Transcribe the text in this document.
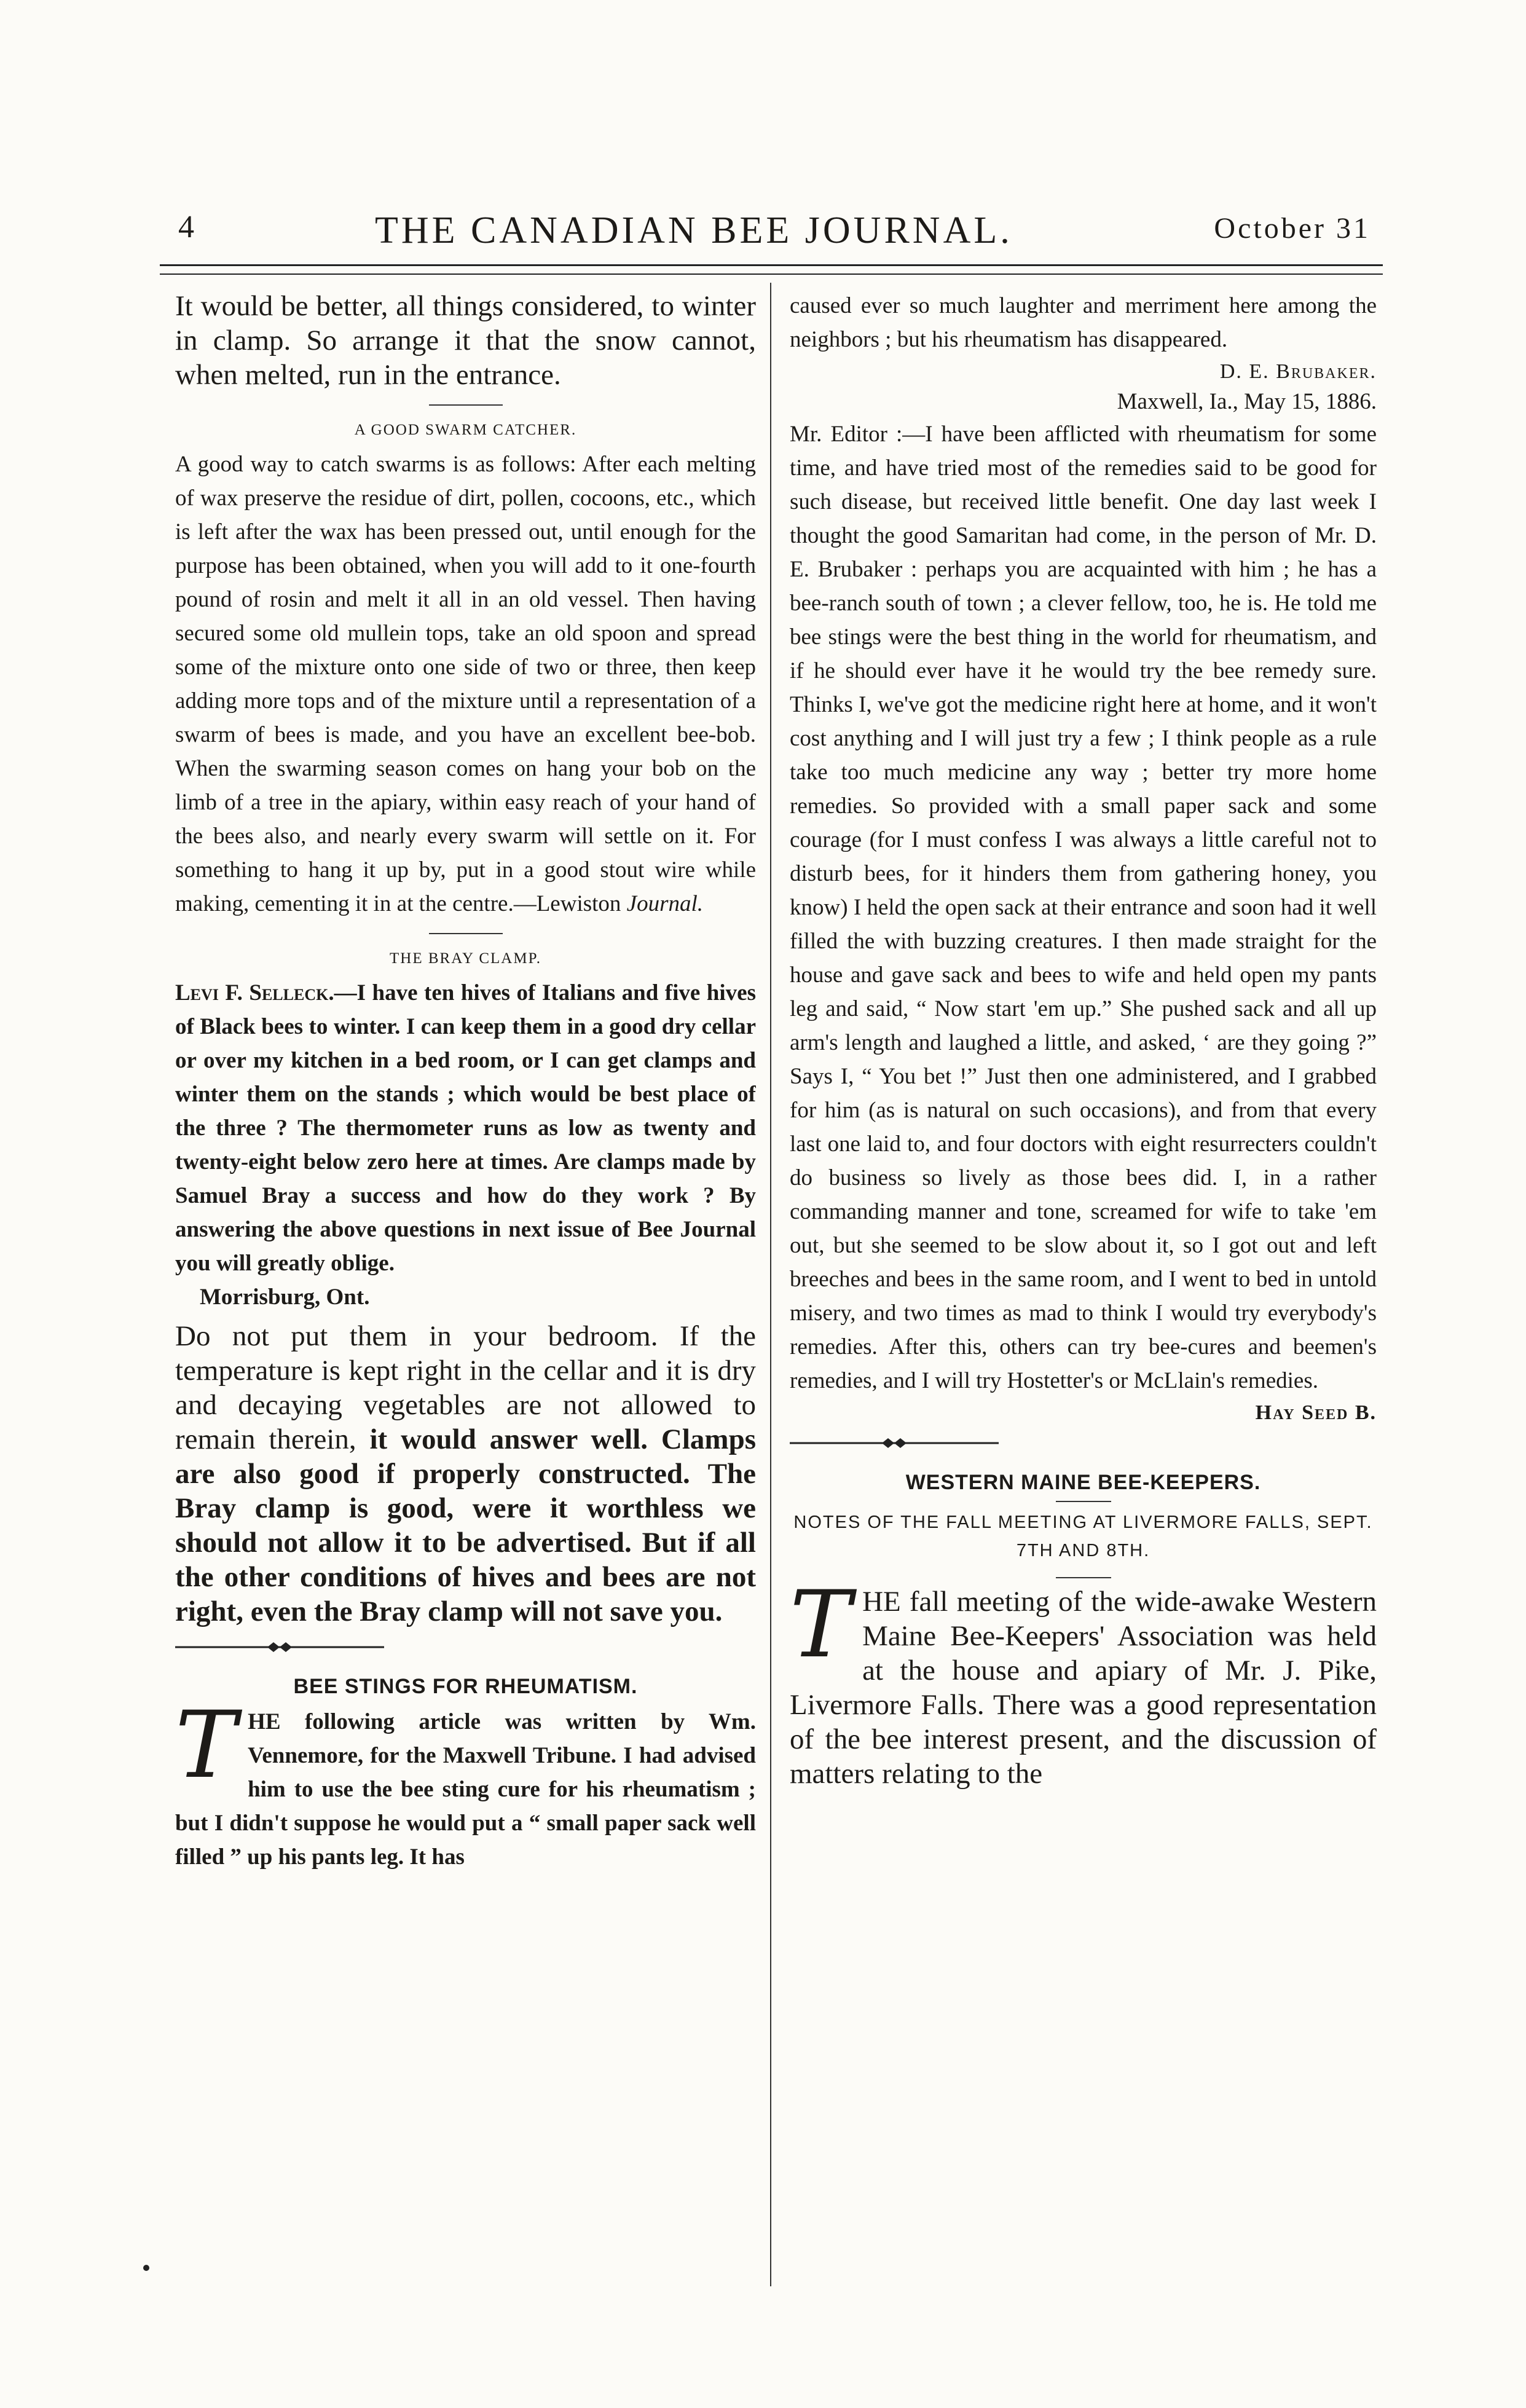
4	THE CANADIAN BEE JOURNAL.	October 31

It would be better, all things considered, to winter in clamp. So arrange it that the snow cannot, when melted, run in the entrance.

A GOOD SWARM CATCHER.

A good way to catch swarms is as follows: After each melting of wax preserve the residue of dirt, pollen, cocoons, etc., which is left after the wax has been pressed out, until enough for the purpose has been obtained, when you will add to it one-fourth pound of rosin and melt it all in an old vessel. Then having secured some old mullein tops, take an old spoon and spread some of the mixture onto one side of two or three, then keep adding more tops and of the mixture until a representation of a swarm of bees is made, and you have an excellent bee-bob. When the swarming season comes on hang your bob on the limb of a tree in the apiary, within easy reach of your hand of the bees also, and nearly every swarm will settle on it. For something to hang it up by, put in a good stout wire while making, cementing it in at the centre.—Lewiston Journal.

THE BRAY CLAMP.

Levi F. Selleck.—I have ten hives of Italians and five hives of Black bees to winter. I can keep them in a good dry cellar or over my kitchen in a bed room, or I can get clamps and winter them on the stands ; which would be best place of the three ? The thermometer runs as low as twenty and twenty-eight below zero here at times. Are clamps made by Samuel Bray a success and how do they work ? By answering the above questions in next issue of Bee Journal you will greatly oblige.

Morrisburg, Ont.

Do not put them in your bedroom. If the temperature is kept right in the cellar and it is dry and decaying vegetables are not allowed to remain therein, it would answer well. Clamps are also good if properly constructed. The Bray clamp is good, were it worthless we should not allow it to be advertised. But if all the other conditions of hives and bees are not right, even the Bray clamp will not save you.

BEE STINGS FOR RHEUMATISM.

THE following article was written by Wm. Vennemore, for the Maxwell Tribune. I had advised him to use the bee sting cure for his rheumatism ; but I didn't suppose he would put a “ small paper sack well filled ” up his pants leg. It has

caused ever so much laughter and merriment here among the neighbors ; but his rheumatism has disappeared.

D. E. Brubaker.
Maxwell, Ia., May 15, 1886.

Mr. Editor :—I have been afflicted with rheumatism for some time, and have tried most of the remedies said to be good for such disease, but received little benefit. One day last week I thought the good Samaritan had come, in the person of Mr. D. E. Brubaker : perhaps you are acquainted with him ; he has a bee-ranch south of town ; a clever fellow, too, he is. He told me bee stings were the best thing in the world for rheumatism, and if he should ever have it he would try the bee remedy sure. Thinks I, we've got the medicine right here at home, and it won't cost anything and I will just try a few ; I think people as a rule take too much medicine any way ; better try more home remedies. So provided with a small paper sack and some courage (for I must confess I was always a little careful not to disturb bees, for it hinders them from gathering honey, you know) I held the open sack at their entrance and soon had it well filled the with buzzing creatures. I then made straight for the house and gave sack and bees to wife and held open my pants leg and said, “ Now start 'em up.” She pushed sack and all up arm's length and laughed a little, and asked, ‘ are they going ?” Says I, “ You bet !” Just then one administered, and I grabbed for him (as is natural on such occasions), and from that every last one laid to, and four doctors with eight resurrecters couldn't do business so lively as those bees did. I, in a rather commanding manner and tone, screamed for wife to take 'em out, but she seemed to be slow about it, so I got out and left breeches and bees in the same room, and I went to bed in untold misery, and two times as mad to think I would try everybody's remedies. After this, others can try bee-cures and beemen's remedies, and I will try Hostetter's or McLlain's remedies.

Hay Seed B.
WESTERN MAINE BEE-KEEPERS.
NOTES OF THE FALL MEETING AT LIVERMORE FALLS, SEPT. 7TH AND 8TH.

THE fall meeting of the wide-awake Western Maine Bee-Keepers' Association was held at the house and apiary of Mr. J. Pike, Livermore Falls. There was a good representation of the bee interest present, and the discussion of matters relating to the
